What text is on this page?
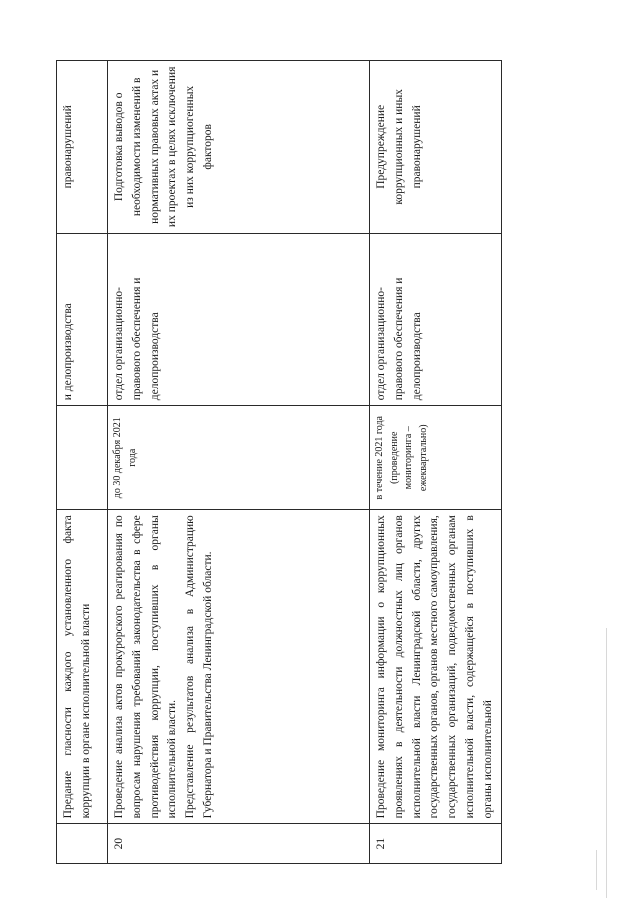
	Предание гласности каждого установленного факта коррупции в органе исполнительной власти		и делопроизводства	правонарушений
20	Проведение анализа актов прокурорского реагирования по вопросам нарушения требований законодательства в сфере противодействия коррупции, поступивших в органы исполнительной власти. Представление результатов анализа в Администрацию Губернатора и Правительства Ленинградской области.	до 30 декабря 2021 года	отдел организационно-правового обеспечения и делопроизводства	Подготовка выводов о необходимости изменений в нормативных правовых актах и их проектах в целях исключения из них коррупциогенных факторов
21	Проведение мониторинга информации о коррупционных проявлениях в деятельности должностных лиц органов исполнительной власти Ленинградской области, других государственных органов, органов местного самоуправления, государственных организаций, подведомственных органам исполнительной власти, содержащейся в поступивших в органы исполнительной	в течение 2021 года (проведение мониторинга – ежеквартально)	отдел организационно-правового обеспечения и делопроизводства	Предупреждение коррупционных и иных правонарушений
